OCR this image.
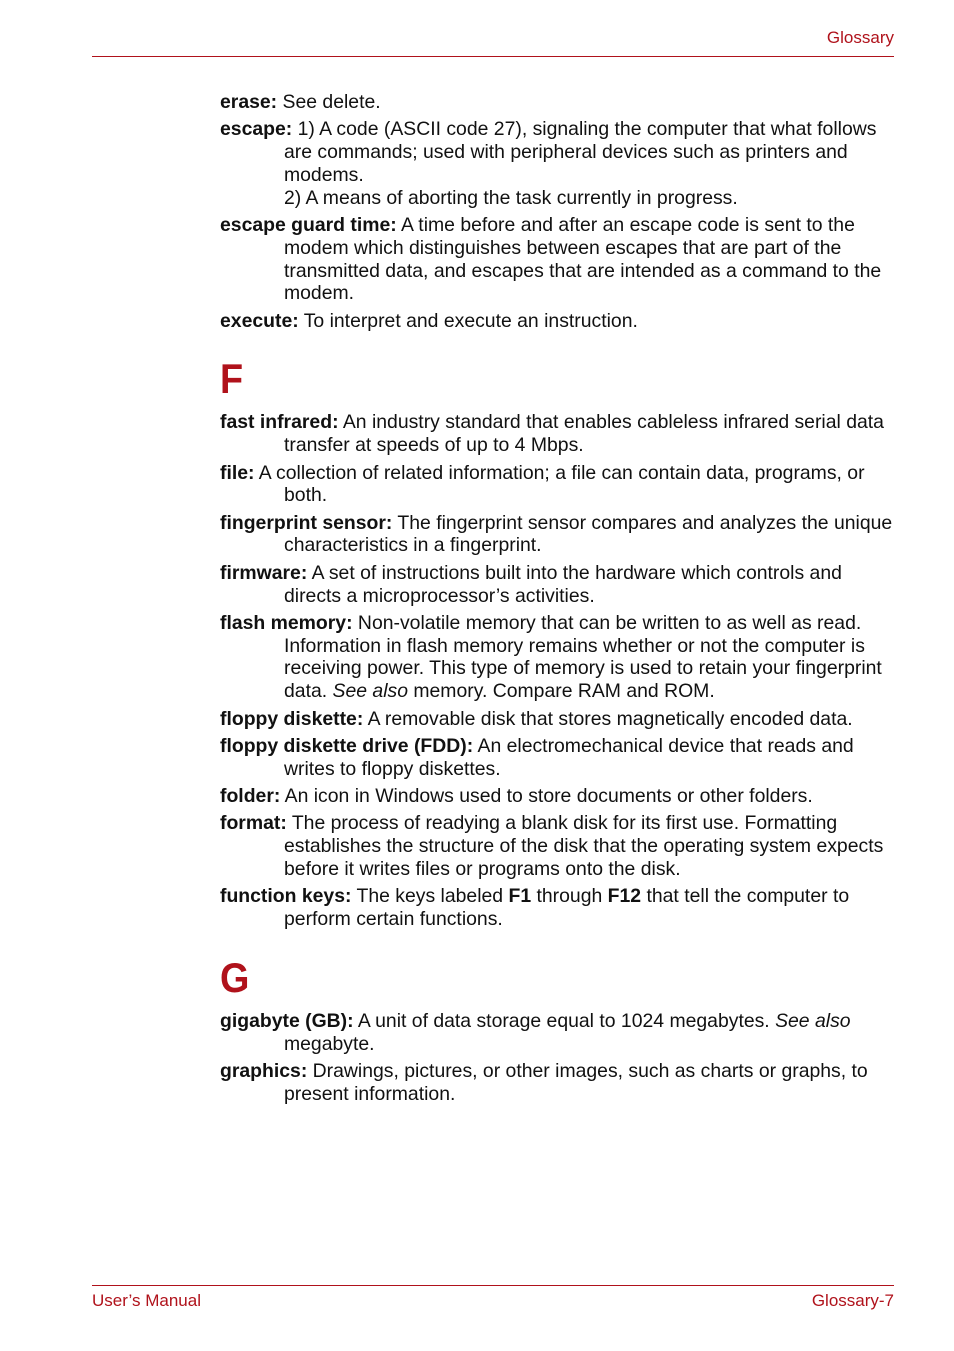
Glossary

erase: See delete.

escape: 1) A code (ASCII code 27), signaling the computer that what follows are commands; used with peripheral devices such as printers and modems.
2) A means of aborting the task currently in progress.

escape guard time: A time before and after an escape code is sent to the modem which distinguishes between escapes that are part of the transmitted data, and escapes that are intended as a command to the modem.

execute: To interpret and execute an instruction.

F

fast infrared: An industry standard that enables cableless infrared serial data transfer at speeds of up to 4 Mbps.

file: A collection of related information; a file can contain data, programs, or both.

fingerprint sensor: The fingerprint sensor compares and analyzes the unique characteristics in a fingerprint.

firmware: A set of instructions built into the hardware which controls and directs a microprocessor’s activities.

flash memory: Non-volatile memory that can be written to as well as read. Information in flash memory remains whether or not the computer is receiving power. This type of memory is used to retain your fingerprint data. See also memory. Compare RAM and ROM.

floppy diskette: A removable disk that stores magnetically encoded data.

floppy diskette drive (FDD): An electromechanical device that reads and writes to floppy diskettes.

folder: An icon in Windows used to store documents or other folders.

format: The process of readying a blank disk for its first use. Formatting establishes the structure of the disk that the operating system expects before it writes files or programs onto the disk.

function keys: The keys labeled F1 through F12 that tell the computer to perform certain functions.

G

gigabyte (GB): A unit of data storage equal to 1024 megabytes. See also megabyte.

graphics: Drawings, pictures, or other images, such as charts or graphs, to present information.

User’s Manual	Glossary-7
